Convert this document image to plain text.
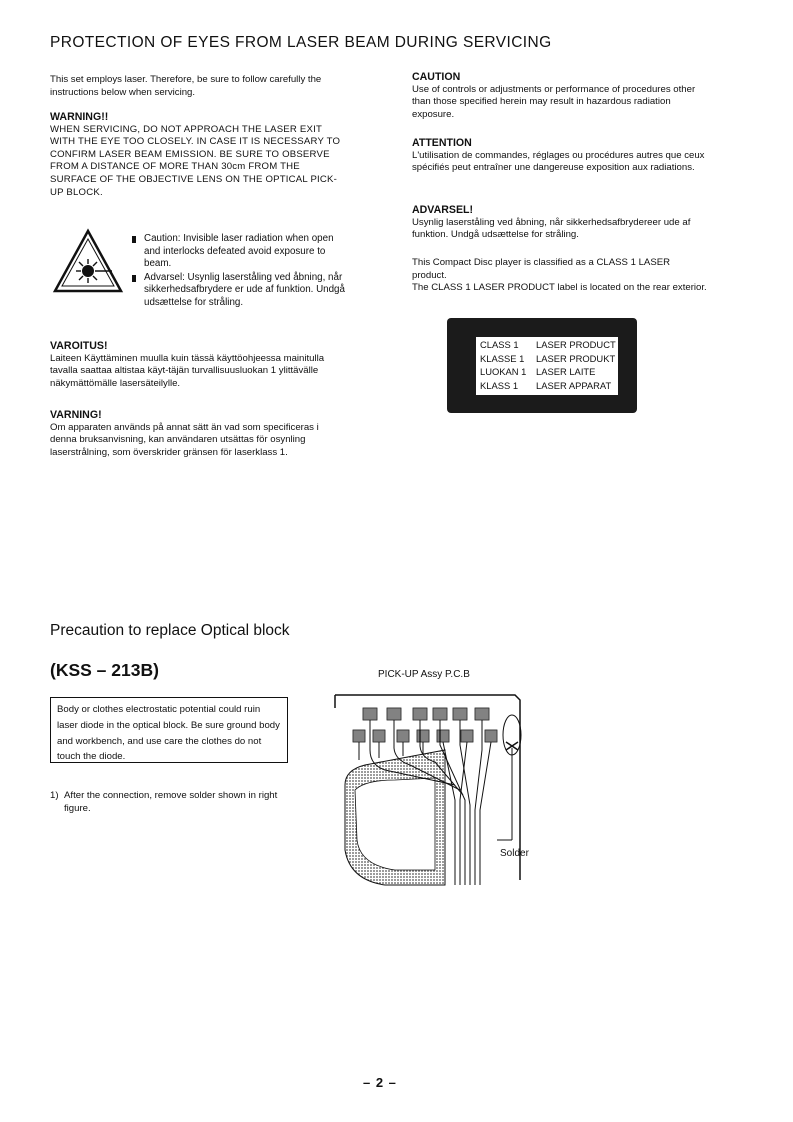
PROTECTION OF EYES FROM LASER BEAM DURING SERVICING

This set employs laser. Therefore, be sure to follow carefully the instructions below when servicing.

WARNING!!

WHEN SERVICING, DO NOT APPROACH THE LASER EXIT WITH THE EYE TOO CLOSELY. IN CASE IT IS NECESSARY TO CONFIRM LASER BEAM EMISSION. BE SURE TO OBSERVE FROM A DISTANCE OF MORE THAN 30cm FROM THE SURFACE OF THE OBJECTIVE LENS ON THE OPTICAL PICK-UP BLOCK.

Caution: Invisible laser radiation when open and interlocks defeated avoid exposure to beam.
Advarsel: Usynlig laserståling ved åbning, når sikkerhedsafbrydere er ude af funktion. Undgå udsættelse for stråling.

VAROITUS!

Laiteen Käyttäminen muulla kuin tässä käyttöohjeessa mainitulla tavalla saattaa altistaa käyt-täjän turvallisuusluokan 1 ylittävälle näkymättömälle lasersäteilylle.

VARNING!

Om apparaten används på annat sätt än vad som specificeras i denna bruksanvisning, kan användaren utsättas för osynling laserstrålning, som överskrider gränsen för laserklass 1.

CAUTION

Use of controls or adjustments or performance of procedures other than those specified herein may result in hazardous radiation exposure.

ATTENTION

L'utilisation de commandes, réglages ou procédures autres que ceux spécifiés peut entraîner une dangereuse exposition aux radiations.

ADVARSEL!

Usynlig laserståling ved åbning, når sikkerhedsafbrydereer ude af funktion. Undgå udsættelse for stråling.

This Compact Disc player is classified as a CLASS 1 LASER product.

The CLASS 1 LASER PRODUCT label is located on the rear exterior.

CLASS 1	LASER PRODUCT
KLASSE 1	LASER PRODUKT
LUOKAN 1	LASER LAITE
KLASS 1	LASER APPARAT
Precaution to replace Optical block
(KSS – 213B)
Body or clothes electrostatic potential could ruin laser diode in the optical block. Be sure ground body and workbench, and use care the clothes do not touch the diode.
1) After the connection, remove solder shown in right figure.
PICK-UP Assy P.C.B
Solder
– 2 –
